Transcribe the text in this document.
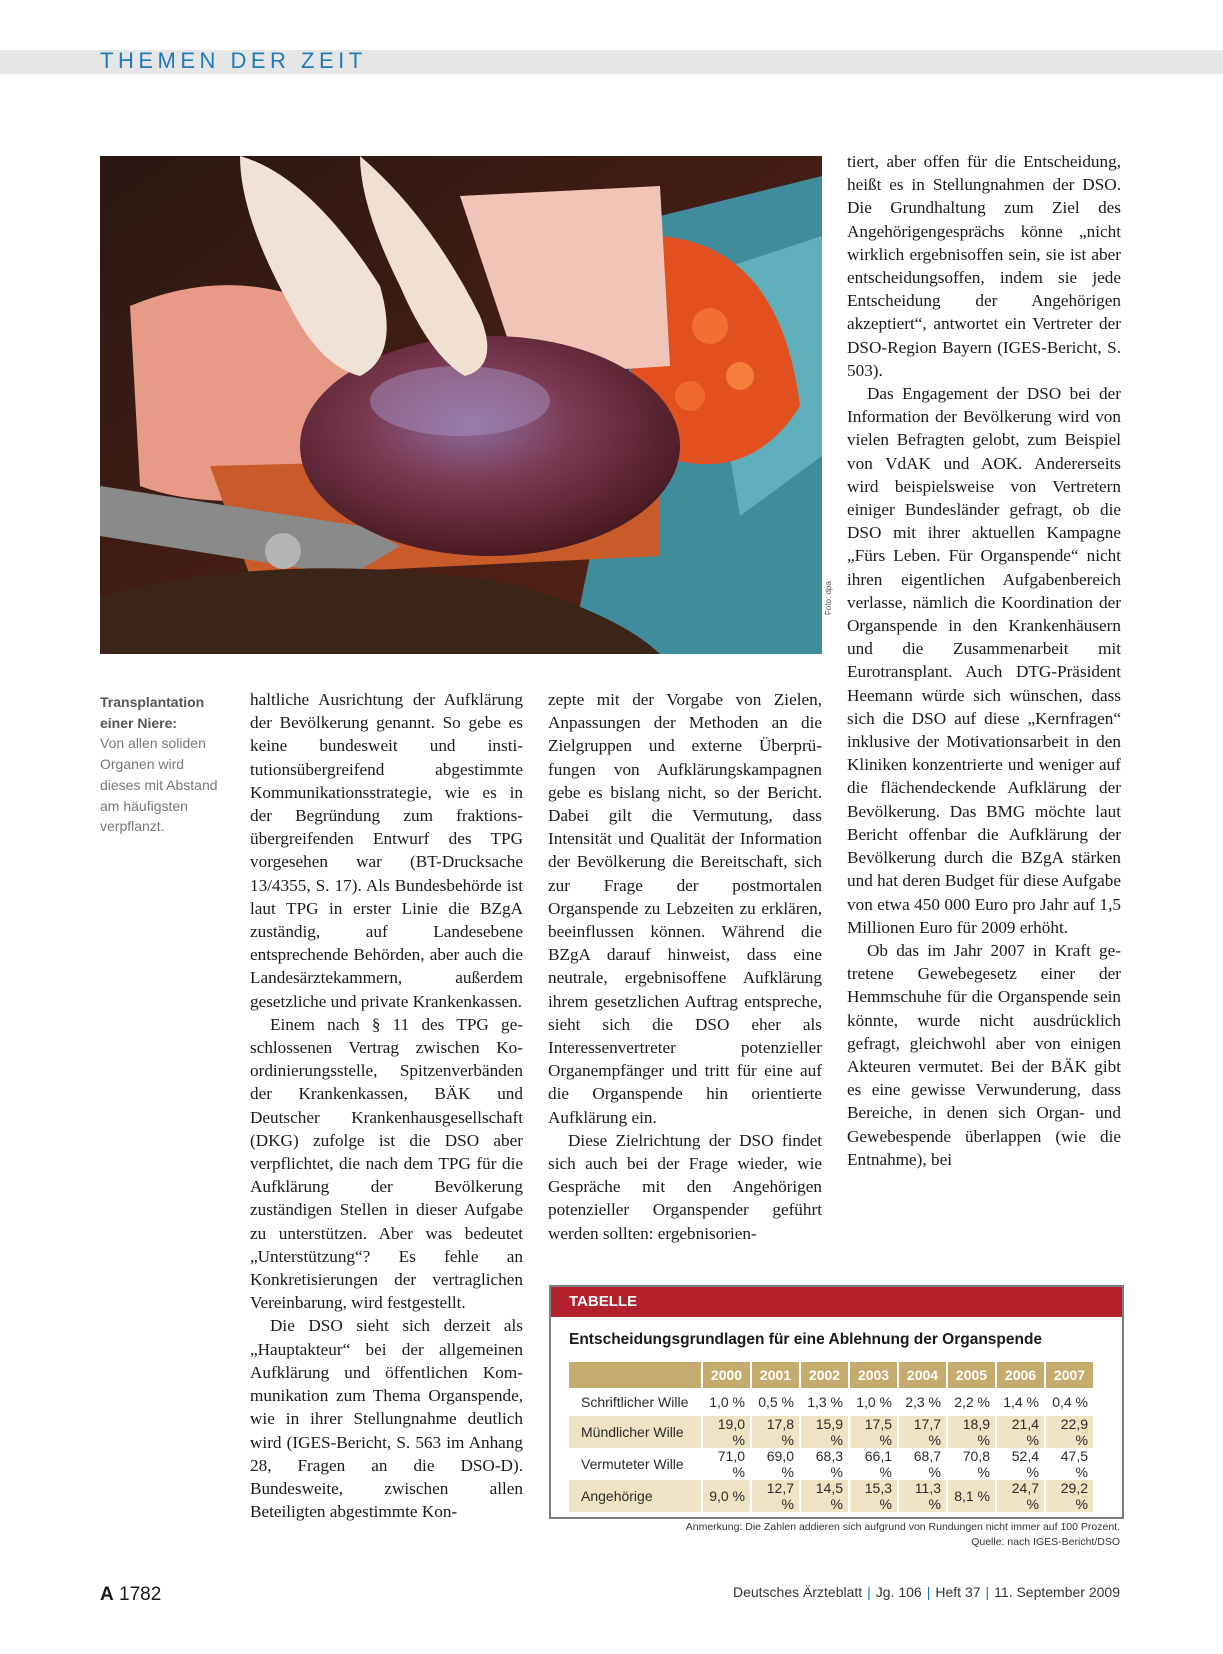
THEMEN DER ZEIT
Foto: dpa
Transplantation einer Niere:
Von allen soliden Organen wird dieses mit Abstand am häufigsten verpflanzt.

haltliche Ausrichtung der Aufklärung der Bevölkerung genannt. So gebe es keine bundesweit und institutionsübergreifend abgestimmte Kommunikationsstrategie, wie es in der Begründung zum fraktionsübergreifenden Entwurf des TPG vorgesehen war (BT-Drucksache 13/4355, S. 17). Als Bundesbehörde ist laut TPG in erster Linie die BZgA zuständig, auf Landesebene entsprechende Behörden, aber auch die Landesärztekammern, außerdem gesetzliche und private Krankenkassen.

Einem nach § 11 des TPG geschlossenen Vertrag zwischen Koordinierungsstelle, Spitzenverbänden der Krankenkassen, BÄK und Deutscher Krankenhausgesellschaft (DKG) zufolge ist die DSO aber verpflichtet, die nach dem TPG für die Aufklärung der Bevölkerung zuständigen Stellen in dieser Aufgabe zu unterstützen. Aber was bedeutet „Unterstützung“? Es fehle an Konkretisierungen der vertraglichen Vereinbarung, wird festgestellt.

Die DSO sieht sich derzeit als „Hauptakteur“ bei der allgemeinen Aufklärung und öffentlichen Kommunikation zum Thema Organspende, wie in ihrer Stellungnahme deutlich wird (IGES-Bericht, S. 563 im Anhang 28, Fragen an die DSO-D). Bundesweite, zwischen allen Beteiligten abgestimmte Kon-

zepte mit der Vorgabe von Zielen, Anpassungen der Methoden an die Zielgruppen und externe Überprüfungen von Aufklärungskampagnen gebe es bislang nicht, so der Bericht. Dabei gilt die Vermutung, dass Intensität und Qualität der Information der Bevölkerung die Bereitschaft, sich zur Frage der postmortalen Organspende zu Lebzeiten zu erklären, beeinflussen können. Während die BZgA darauf hinweist, dass eine neutrale, ergebnisoffene Aufklärung ihrem gesetzlichen Auftrag entspreche, sieht sich die DSO eher als Interessenvertreter potenzieller Organempfänger und tritt für eine auf die Organspende hin orientierte Aufklärung ein.

Diese Zielrichtung der DSO findet sich auch bei der Frage wieder, wie Gespräche mit den Angehörigen potenzieller Organspender geführt werden sollten: ergebnisorien-

tiert, aber offen für die Entscheidung, heißt es in Stellungnahmen der DSO. Die Grundhaltung zum Ziel des Angehörigengesprächs könne „nicht wirklich ergebnisoffen sein, sie ist aber entscheidungsoffen, indem sie jede Entscheidung der Angehörigen akzeptiert“, antwortet ein Vertreter der DSO-Region Bayern (IGES-Bericht, S. 503).

Das Engagement der DSO bei der Information der Bevölkerung wird von vielen Befragten gelobt, zum Beispiel von VdAK und AOK. Andererseits wird beispielsweise von Vertretern einiger Bundesländer gefragt, ob die DSO mit ihrer aktuellen Kampagne „Fürs Leben. Für Organspende“ nicht ihren eigentlichen Aufgabenbereich verlasse, nämlich die Koordination der Organspende in den Krankenhäusern und die Zusammenarbeit mit Eurotransplant. Auch DTG-Präsident Heemann würde sich wünschen, dass sich die DSO auf diese „Kernfragen“ inklusive der Motivationsarbeit in den Kliniken konzentrierte und weniger auf die flächendeckende Aufklärung der Bevölkerung. Das BMG möchte laut Bericht offenbar die Aufklärung der Bevölkerung durch die BZgA stärken und hat deren Budget für diese Aufgabe von etwa 450 000 Euro pro Jahr auf 1,5 Millionen Euro für 2009 erhöht.

Ob das im Jahr 2007 in Kraft getretene Gewebegesetz einer der Hemmschuhe für die Organspende sein könnte, wurde nicht ausdrücklich gefragt, gleichwohl aber von einigen Akteuren vermutet. Bei der BÄK gibt es eine gewisse Verwunderung, dass Bereiche, in denen sich Organ- und Gewebespende überlappen (wie die Entnahme), bei

TABELLE
Entscheidungsgrundlagen für eine Ablehnung der Organspende
	2000	2001	2002	2003	2004	2005	2006	2007
Schriftlicher Wille	1,0 %	0,5 %	1,3 %	1,0 %	2,3 %	2,2 %	1,4 %	0,4 %
Mündlicher Wille	19,0 %	17,8 %	15,9 %	17,5 %	17,7 %	18,9 %	21,4 %	22,9 %
Vermuteter Wille	71,0 %	69,0 %	68,3 %	66,1 %	68,7 %	70,8 %	52,4 %	47,5 %
Angehörige	9,0 %	12,7 %	14,5 %	15,3 %	11,3 %	8,1 %	24,7 %	29,2 %
Anmerkung: Die Zahlen addieren sich aufgrund von Rundungen nicht immer auf 100 Prozent.
Quelle: nach IGES-Bericht/DSO
A 1782	Deutsches Ärzteblatt | Jg. 106 | Heft 37 | 11. September 2009
